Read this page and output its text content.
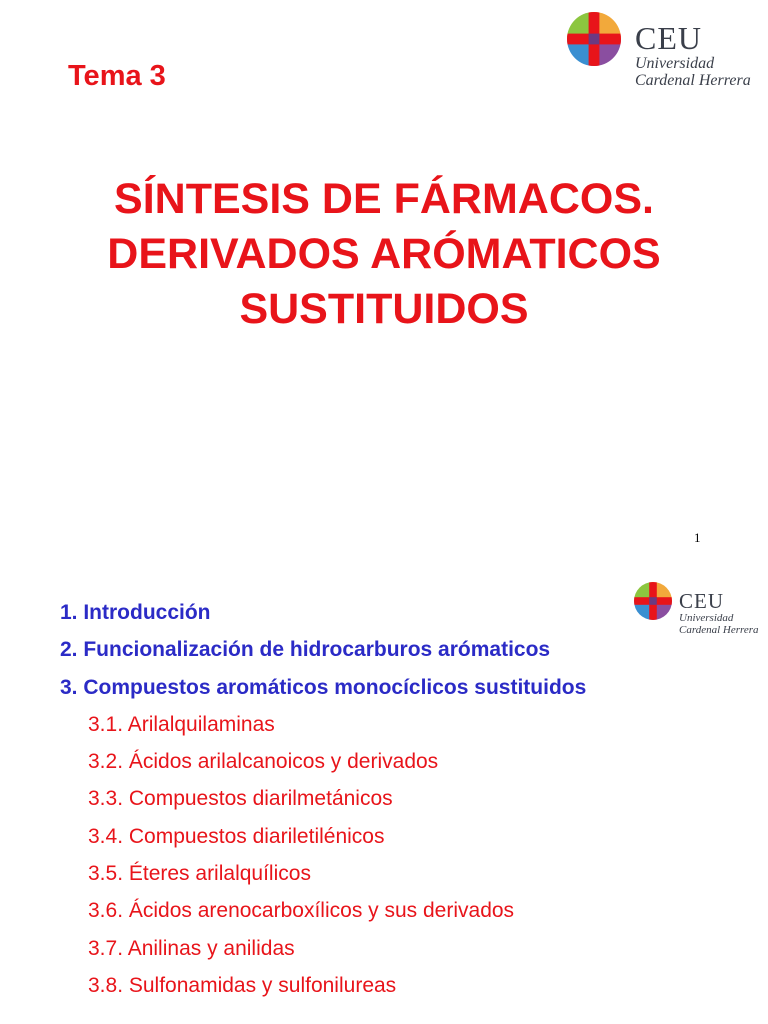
CEU
Universidad
Cardenal Herrera
Tema 3
SÍNTESIS DE FÁRMACOS.
DERIVADOS ARÓMATICOS
SUSTITUIDOS
1
CEU
Universidad
Cardenal Herrera
1. Introducción
2. Funcionalización de hidrocarburos arómaticos
3. Compuestos aromáticos monocíclicos sustituidos
3.1. Arilalquilaminas
3.2. Ácidos arilalcanoicos y derivados
3.3. Compuestos diarilmetánicos
3.4. Compuestos diariletilénicos
3.5. Éteres arilalquílicos
3.6. Ácidos arenocarboxílicos y sus derivados
3.7. Anilinas y anilidas
3.8. Sulfonamidas y sulfonilureas
